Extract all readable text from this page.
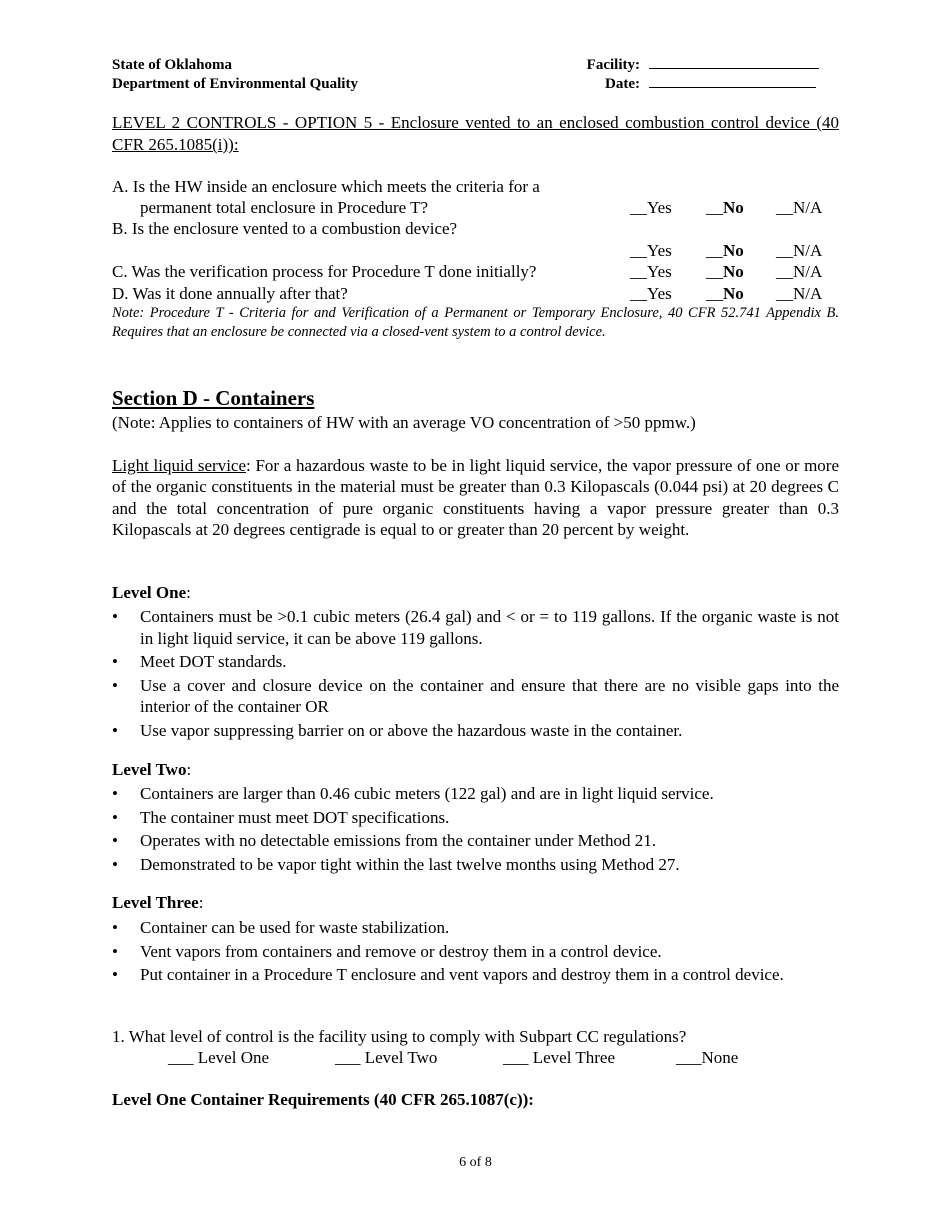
State of Oklahoma
Department of Environmental Quality
Facility:
Date:
LEVEL 2 CONTROLS - OPTION 5 - Enclosure vented to an enclosed combustion control device (40 CFR 265.1085(i)):
A. Is the HW inside an enclosure which meets the criteria for a
permanent total enclosure in Procedure T?	__Yes	__No	__N/A
B. Is the enclosure vented to a combustion device?
__Yes	__No	__N/A
C. Was the verification process for Procedure T done initially?	__Yes	__No	__N/A
D. Was it done annually after that?	__Yes	__No	__N/A
Note: Procedure T - Criteria for and Verification of a Permanent or Temporary Enclosure, 40 CFR 52.741 Appendix B. Requires that an enclosure be connected via a closed-vent system to a control device.
Section D - Containers
(Note: Applies to containers of HW with an average VO concentration of >50 ppmw.)
Light liquid service: For a hazardous waste to be in light liquid service, the vapor pressure of one or more of the organic constituents in the material must be greater than 0.3 Kilopascals (0.044 psi) at 20 degrees C and the total concentration of pure organic constituents having a vapor pressure greater than 0.3 Kilopascals at 20 degrees centigrade is equal to or greater than 20 percent by weight.
Level One:
• Containers must be >0.1 cubic meters (26.4 gal) and < or = to 119 gallons. If the organic waste is not in light liquid service, it can be above 119 gallons.
• Meet DOT standards.
• Use a cover and closure device on the container and ensure that there are no visible gaps into the interior of the container OR
• Use vapor suppressing barrier on or above the hazardous waste in the container.
Level Two:
• Containers are larger than 0.46 cubic meters (122 gal) and are in light liquid service.
• The container must meet DOT specifications.
• Operates with no detectable emissions from the container under Method 21.
• Demonstrated to be vapor tight within the last twelve months using Method 27.
Level Three:
• Container can be used for waste stabilization.
• Vent vapors from containers and remove or destroy them in a control device.
• Put container in a Procedure T enclosure and vent vapors and destroy them in a control device.
1. What level of control is the facility using to comply with Subpart CC regulations?
___ Level One	___ Level Two	___ Level Three	___None
Level One Container Requirements (40 CFR 265.1087(c)):
6 of 8
